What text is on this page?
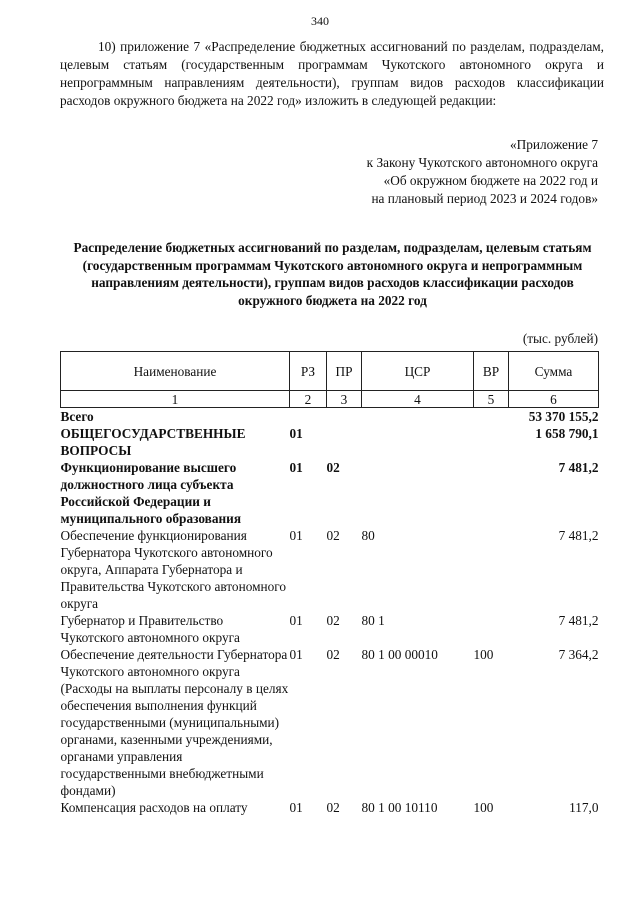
340
10) приложение 7 «Распределение бюджетных ассигнований по разделам, подразделам, целевым статьям (государственным программам Чукотского автономного округа и непрограммным направлениям деятельности), группам видов расходов классификации расходов окружного бюджета на 2022 год» изложить в следующей редакции:
«Приложение 7
к Закону Чукотского автономного округа
«Об окружном бюджете на 2022 год и
на плановый период 2023 и 2024 годов»
Распределение бюджетных ассигнований по разделам, подразделам, целевым статьям (государственным программам Чукотского автономного округа и непрограммным направлениям деятельности), группам видов расходов классификации расходов окружного бюджета на 2022 год
(тыс. рублей)
Наименование	РЗ	ПР	ЦСР	ВР	Сумма
1	2	3	4	5	6
Всего					53 370 155,2
ОБЩЕГОСУДАРСТВЕННЫЕ ВОПРОСЫ	01				1 658 790,1
Функционирование высшего должностного лица субъекта Российской Федерации и муниципального образования	01	02			7 481,2
Обеспечение функционирования Губернатора Чукотского автономного округа, Аппарата Губернатора и Правительства Чукотского автономного округа	01	02	80		7 481,2
Губернатор и Правительство Чукотского автономного округа	01	02	80 1		7 481,2
Обеспечение деятельности Губернатора Чукотского автономного округа (Расходы на выплаты персоналу в целях обеспечения выполнения функций государственными (муниципальными) органами, казенными учреждениями, органами управления государственными внебюджетными фондами)	01	02	80 1 00 00010	100	7 364,2
Компенсация расходов на оплату	01	02	80 1 00 10110	100	117,0
